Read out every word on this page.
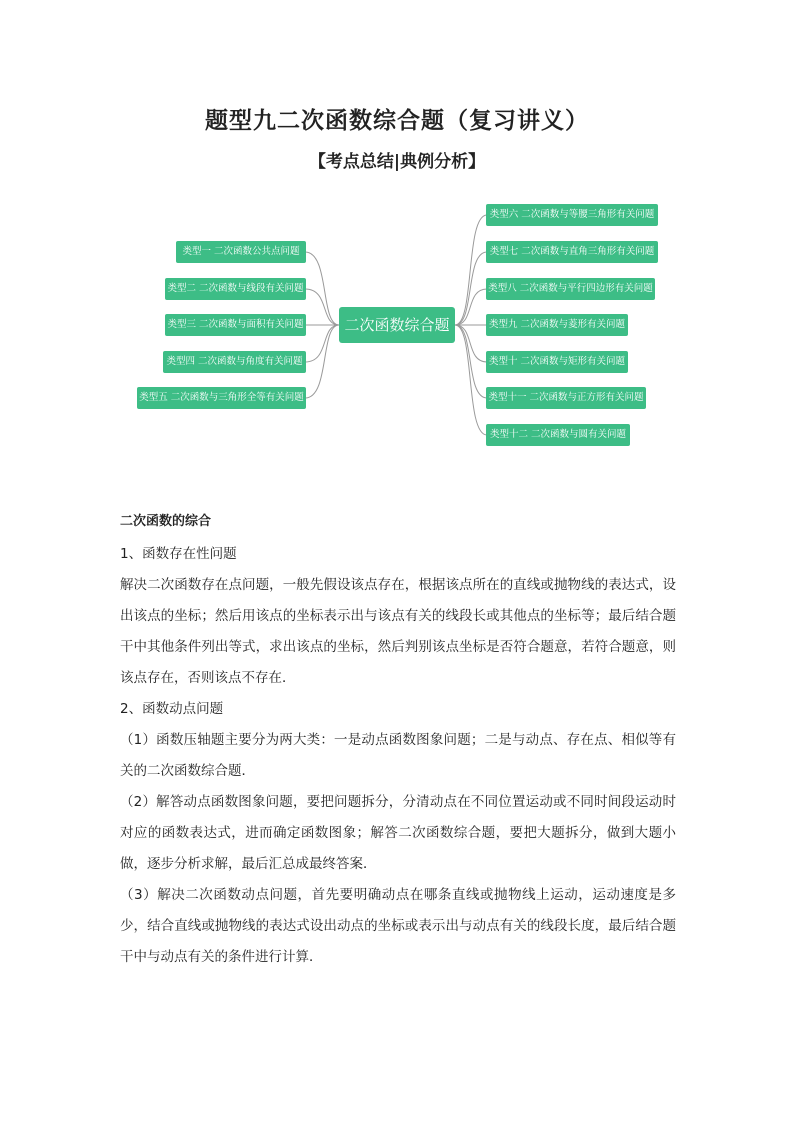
题型九二次函数综合题（复习讲义）
【考点总结|典例分析】
二次函数综合题
类型一 二次函数公共点问题
类型二 二次函数与线段有关问题
类型三 二次函数与面积有关问题
类型四 二次函数与角度有关问题
类型五 二次函数与三角形全等有关问题
类型六 二次函数与等腰三角形有关问题
类型七 二次函数与直角三角形有关问题
类型八 二次函数与平行四边形有关问题
类型九 二次函数与菱形有关问题
类型十 二次函数与矩形有关问题
类型十一 二次函数与正方形有关问题
类型十二 二次函数与圆有关问题

二次函数的综合

1、函数存在性问题

解决二次函数存在点问题，一般先假设该点存在，根据该点所在的直线或抛物线的表达式，设出该点的坐标；然后用该点的坐标表示出与该点有关的线段长或其他点的坐标等；最后结合题干中其他条件列出等式，求出该点的坐标，然后判别该点坐标是否符合题意，若符合题意，则该点存在，否则该点不存在．

2、函数动点问题

（1）函数压轴题主要分为两大类：一是动点函数图象问题；二是与动点、存在点、相似等有关的二次函数综合题．

（2）解答动点函数图象问题，要把问题拆分，分清动点在不同位置运动或不同时间段运动时对应的函数表达式，进而确定函数图象；解答二次函数综合题，要把大题拆分，做到大题小做，逐步分析求解，最后汇总成最终答案．

（3）解决二次函数动点问题，首先要明确动点在哪条直线或抛物线上运动，运动速度是多少，结合直线或抛物线的表达式设出动点的坐标或表示出与动点有关的线段长度，最后结合题干中与动点有关的条件进行计算．
